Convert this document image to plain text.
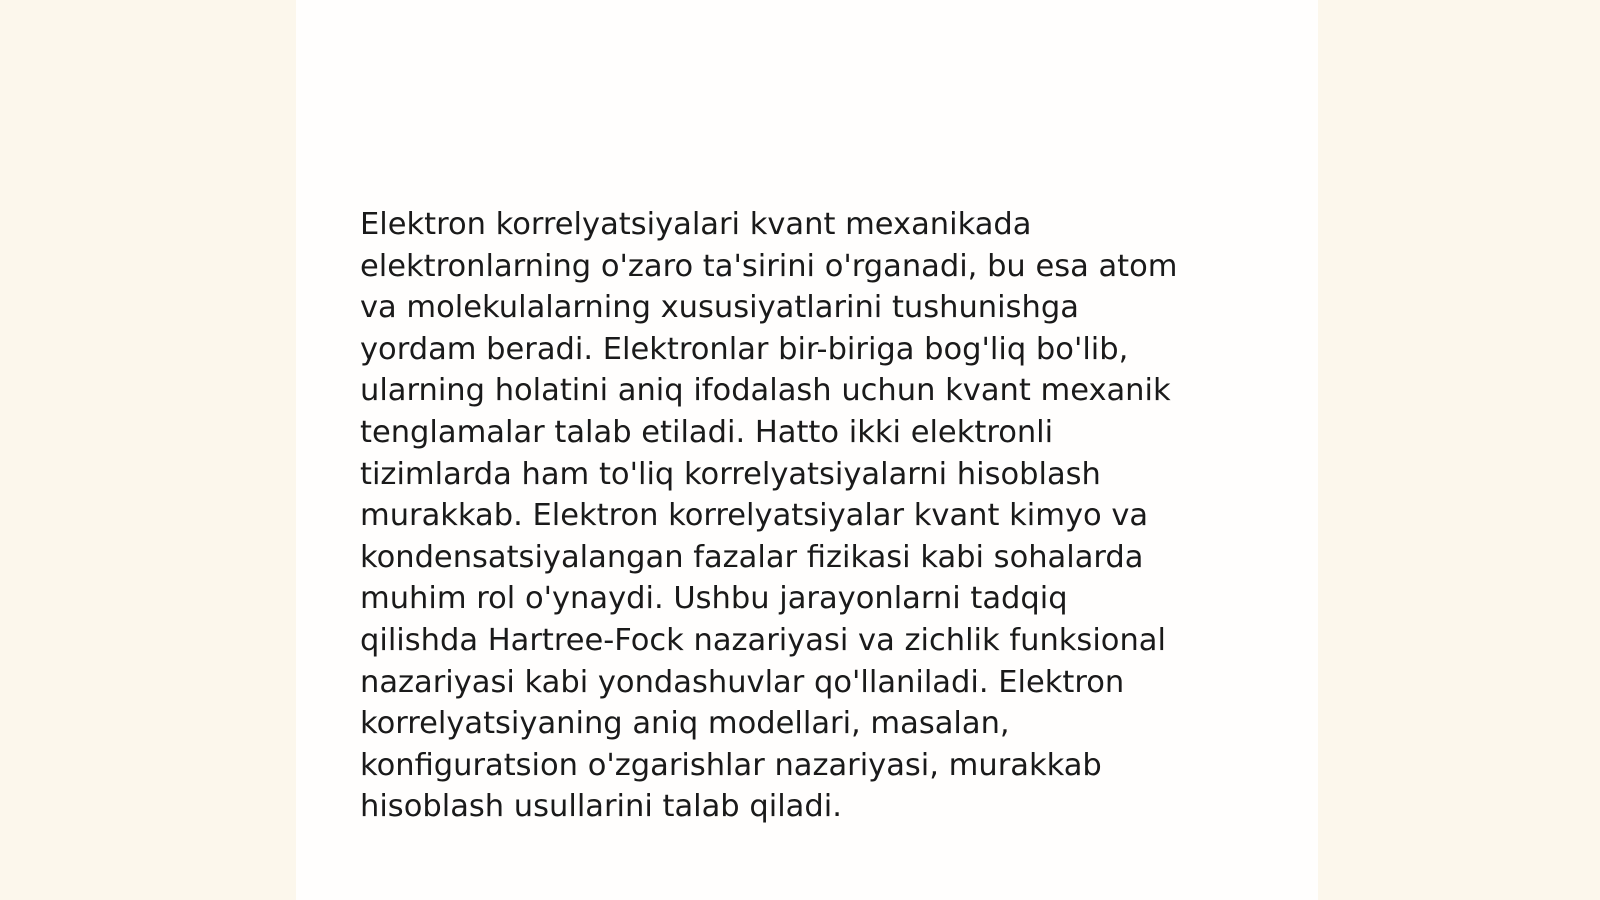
Elektron korrelyatsiyalari kvant mexanikada
elektronlarning o'zaro ta'sirini o'rganadi, bu esa atom
va molekulalarning xususiyatlarini tushunishga
yordam beradi. Elektronlar bir-biriga bog'liq bo'lib,
ularning holatini aniq ifodalash uchun kvant mexanik
tenglamalar talab etiladi. Hatto ikki elektronli
tizimlarda ham to'liq korrelyatsiyalarni hisoblash
murakkab. Elektron korrelyatsiyalar kvant kimyo va
kondensatsiyalangan fazalar fizikasi kabi sohalarda
muhim rol o'ynaydi. Ushbu jarayonlarni tadqiq
qilishda Hartree-Fock nazariyasi va zichlik funksional
nazariyasi kabi yondashuvlar qo'llaniladi. Elektron
korrelyatsiyaning aniq modellari, masalan,
konfiguratsion o'zgarishlar nazariyasi, murakkab
hisoblash usullarini talab qiladi.
